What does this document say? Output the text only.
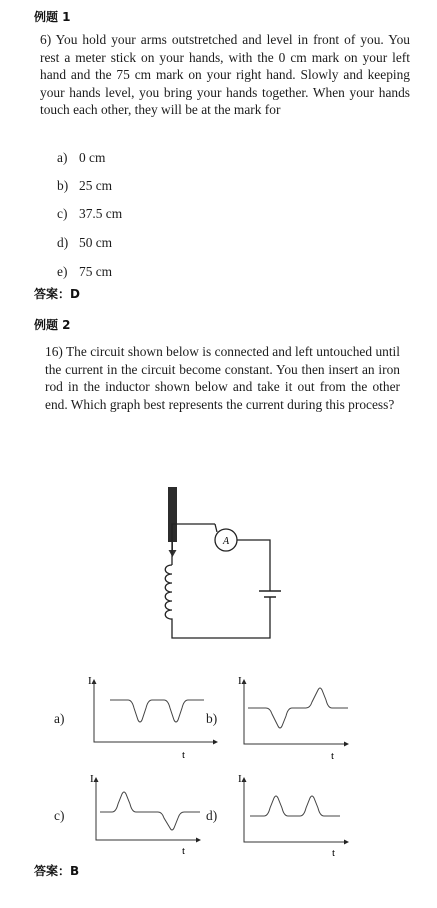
例题 1
6) You hold your arms outstretched and level in front of you. You rest a meter stick on your hands, with the 0 cm mark on your left hand and the 75 cm mark on your right hand. Slowly and keeping your hands level, you bring your hands together. When your hands touch each other, they will be at the mark for
a) 0 cm
b) 25 cm
c) 37.5 cm
d) 50 cm
e) 75 cm
答案：D
例题 2
16) The circuit shown below is connected and left untouched until the current in the circuit become constant. You then insert an iron rod in the inductor shown below and take it out from the other end. Which graph best represents the current during this process?
A
a)
I
t
b)
I
t
c)
I
t
d)
I
t
答案：B
